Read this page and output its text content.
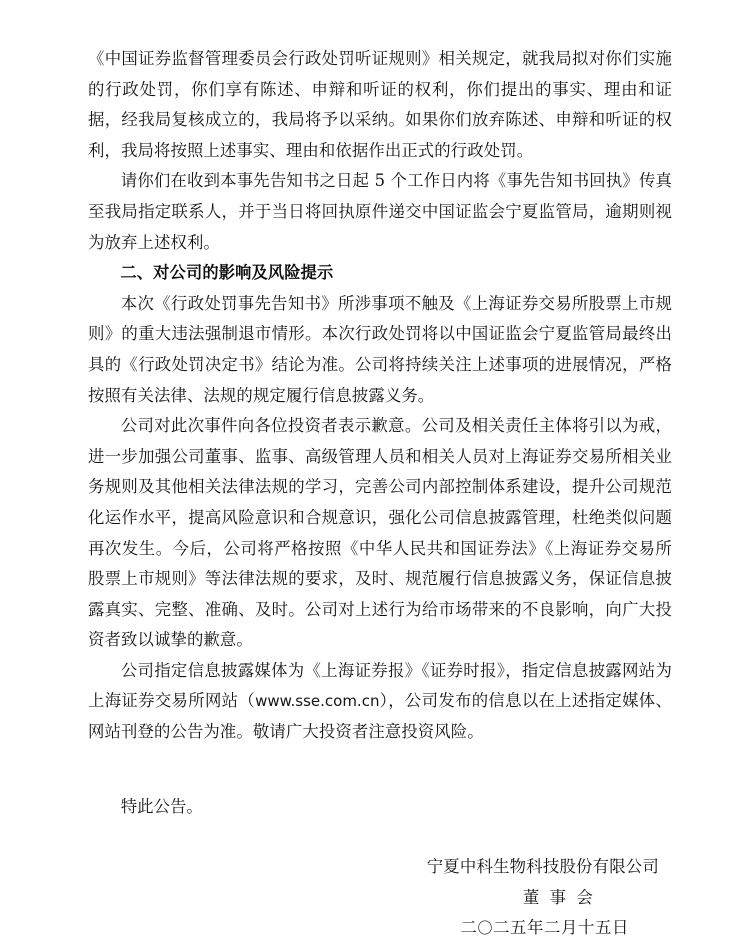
《中国证券监督管理委员会行政处罚听证规则》相关规定，就我局拟对你们实施的行政处罚，你们享有陈述、申辩和听证的权利，你们提出的事实、理由和证据，经我局复核成立的，我局将予以采纳。如果你们放弃陈述、申辩和听证的权利，我局将按照上述事实、理由和依据作出正式的行政处罚。

请你们在收到本事先告知书之日起 5 个工作日内将《事先告知书回执》传真至我局指定联系人，并于当日将回执原件递交中国证监会宁夏监管局，逾期则视为放弃上述权利。

二、对公司的影响及风险提示

本次《行政处罚事先告知书》所涉事项不触及《上海证券交易所股票上市规则》的重大违法强制退市情形。本次行政处罚将以中国证监会宁夏监管局最终出具的《行政处罚决定书》结论为准。公司将持续关注上述事项的进展情况，严格按照有关法律、法规的规定履行信息披露义务。

公司对此次事件向各位投资者表示歉意。公司及相关责任主体将引以为戒，进一步加强公司董事、监事、高级管理人员和相关人员对上海证券交易所相关业务规则及其他相关法律法规的学习，完善公司内部控制体系建设，提升公司规范化运作水平，提高风险意识和合规意识，强化公司信息披露管理，杜绝类似问题再次发生。今后，公司将严格按照《中华人民共和国证券法》《上海证券交易所股票上市规则》等法律法规的要求，及时、规范履行信息披露义务，保证信息披露真实、完整、准确、及时。公司对上述行为给市场带来的不良影响，向广大投资者致以诚挚的歉意。

公司指定信息披露媒体为《上海证券报》《证券时报》，指定信息披露网站为上海证券交易所网站（www.sse.com.cn），公司发布的信息以在上述指定媒体、网站刊登的公告为准。敬请广大投资者注意投资风险。

特此公告。

宁夏中科生物科技股份有限公司
董 事 会
二〇二五年二月十五日
